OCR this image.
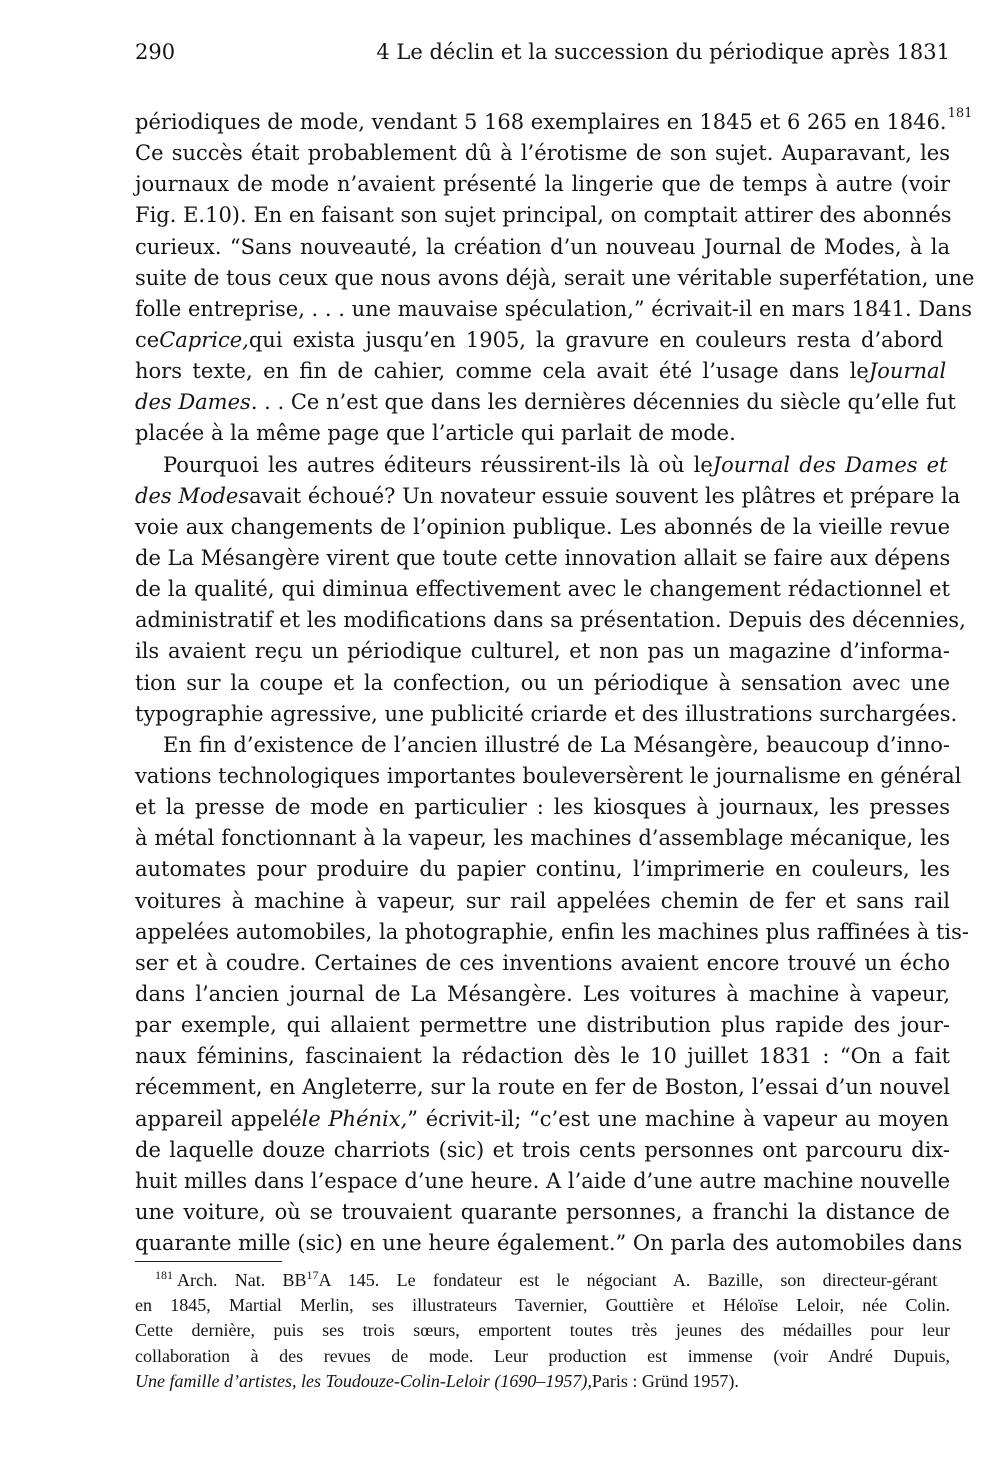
290	4 Le déclin et la succession du périodique après 1831
périodiques de mode, vendant 5 168 exemplaires en 1845 et 6 265 en 1846. 181
Ce succès était probablement dû à l’érotisme de son sujet. Auparavant, les
journaux de mode n’avaient présenté la lingerie que de temps à autre (voir
Fig. E.10). En en faisant son sujet principal, on comptait attirer des abonnés
curieux. “Sans nouveauté, la création d’un nouveau Journal de Modes, à la
suite de tous ceux que nous avons déjà, serait une véritable superfétation, une
folle entreprise, . . . une mauvaise spéculation,” écrivait-il en mars 1841. Dans
ceCaprice,qui exista jusqu’en 1905, la gravure en couleurs resta d’abord
hors texte, en fin de cahier, comme cela avait été l’usage dans leJournal
des Dames. . . Ce n’est que dans les dernières décennies du siècle qu’elle fut
placée à la même page que l’article qui parlait de mode.
Pourquoi les autres éditeurs réussirent-ils là où leJournal des Dames et
des Modesavait échoué? Un novateur essuie souvent les plâtres et prépare la
voie aux changements de l’opinion publique. Les abonnés de la vieille revue
de La Mésangère virent que toute cette innovation allait se faire aux dépens
de la qualité, qui diminua effectivement avec le changement rédactionnel et
administratif et les modifications dans sa présentation. Depuis des décennies,
ils avaient reçu un périodique culturel, et non pas un magazine d’informa-
tion sur la coupe et la confection, ou un périodique à sensation avec une
typographie agressive, une publicité criarde et des illustrations surchargées.
En fin d’existence de l’ancien illustré de La Mésangère, beaucoup d’inno-
vations technologiques importantes bouleversèrent le journalisme en général
et la presse de mode en particulier : les kiosques à journaux, les presses
à métal fonctionnant à la vapeur, les machines d’assemblage mécanique, les
automates pour produire du papier continu, l’imprimerie en couleurs, les
voitures à machine à vapeur, sur rail appelées chemin de fer et sans rail
appelées automobiles, la photographie, enfin les machines plus raffinées à tis-
ser et à coudre. Certaines de ces inventions avaient encore trouvé un écho
dans l’ancien journal de La Mésangère. Les voitures à machine à vapeur,
par exemple, qui allaient permettre une distribution plus rapide des jour-
naux féminins, fascinaient la rédaction dès le 10 juillet 1831 : “On a fait
récemment, en Angleterre, sur la route en fer de Boston, l’essai d’un nouvel
appareil appeléle Phénix,” écrivit-il; “c’est une machine à vapeur au moyen
de laquelle douze charriots (sic) et trois cents personnes ont parcouru dix-
huit milles dans l’espace d’une heure. A l’aide d’une autre machine nouvelle
une voiture, où se trouvaient quarante personnes, a franchi la distance de
quarante mille (sic) en une heure également.” On parla des automobiles dans
181 Arch. Nat. BB17A 145. Le fondateur est le négociant A. Bazille, son directeur-gérant
en 1845, Martial Merlin, ses illustrateurs Tavernier, Gouttière et Héloïse Leloir, née Colin.
Cette dernière, puis ses trois sœurs, emportent toutes très jeunes des médailles pour leur
collaboration à des revues de mode. Leur production est immense (voir André Dupuis,
Une famille d’artistes, les Toudouze-Colin-Leloir (1690–1957),Paris : Gründ 1957).
